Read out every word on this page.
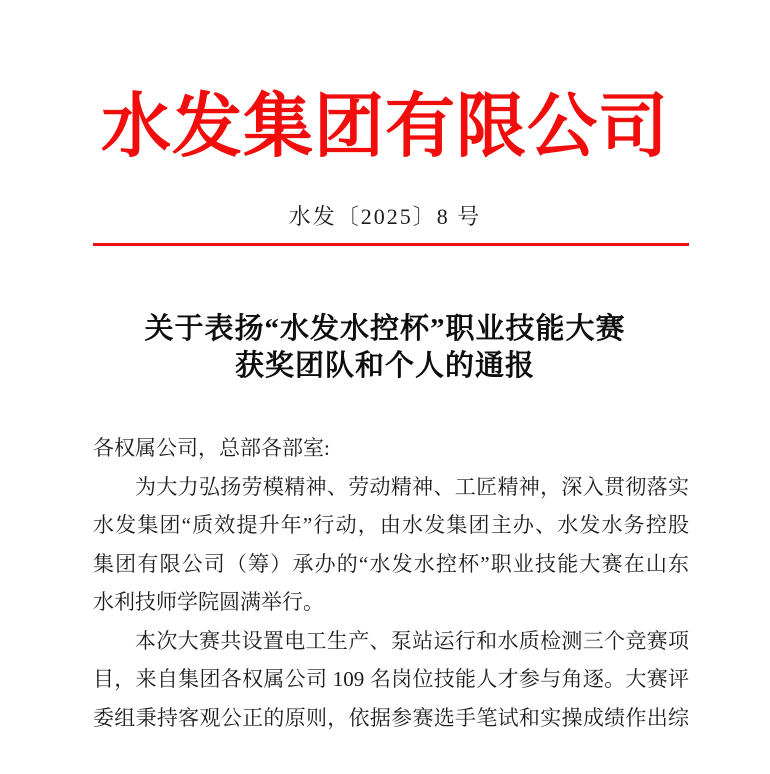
水发集团有限公司
水发〔2025〕8 号
关于表扬“水发水控杯”职业技能大赛
获奖团队和个人的通报
各权属公司，总部各部室:
为大力弘扬劳模精神、劳动精神、工匠精神，深入贯彻落实
水发集团“质效提升年”行动，由水发集团主办、水发水务控股
集团有限公司（筹）承办的“水发水控杯”职业技能大赛在山东
水利技师学院圆满举行。
本次大赛共设置电工生产、泵站运行和水质检测三个竞赛项
目，来自集团各权属公司 109 名岗位技能人才参与角逐。大赛评
委组秉持客观公正的原则，依据参赛选手笔试和实操成绩作出综
